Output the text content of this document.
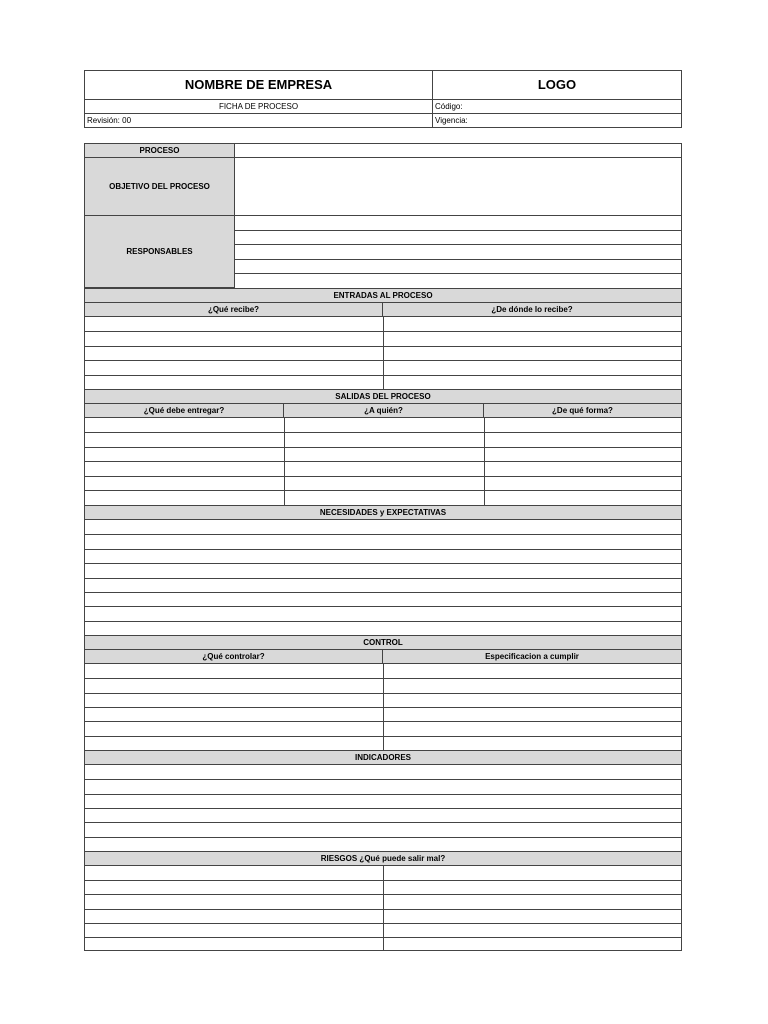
NOMBRE DE EMPRESA	LOGO
FICHA DE PROCESO	Código:
Revisión: 00	Vigencia:
PROCESO
OBJETIVO DEL PROCESO
RESPONSABLES
ENTRADAS AL PROCESO
¿Qué recibe?	¿De dónde lo recibe?
SALIDAS DEL PROCESO
¿Qué debe entregar?	¿A quién?	¿De qué forma?
NECESIDADES y EXPECTATIVAS
CONTROL
¿Qué controlar?	Especificacion a cumplir
INDICADORES
RIESGOS ¿Qué puede salir mal?
